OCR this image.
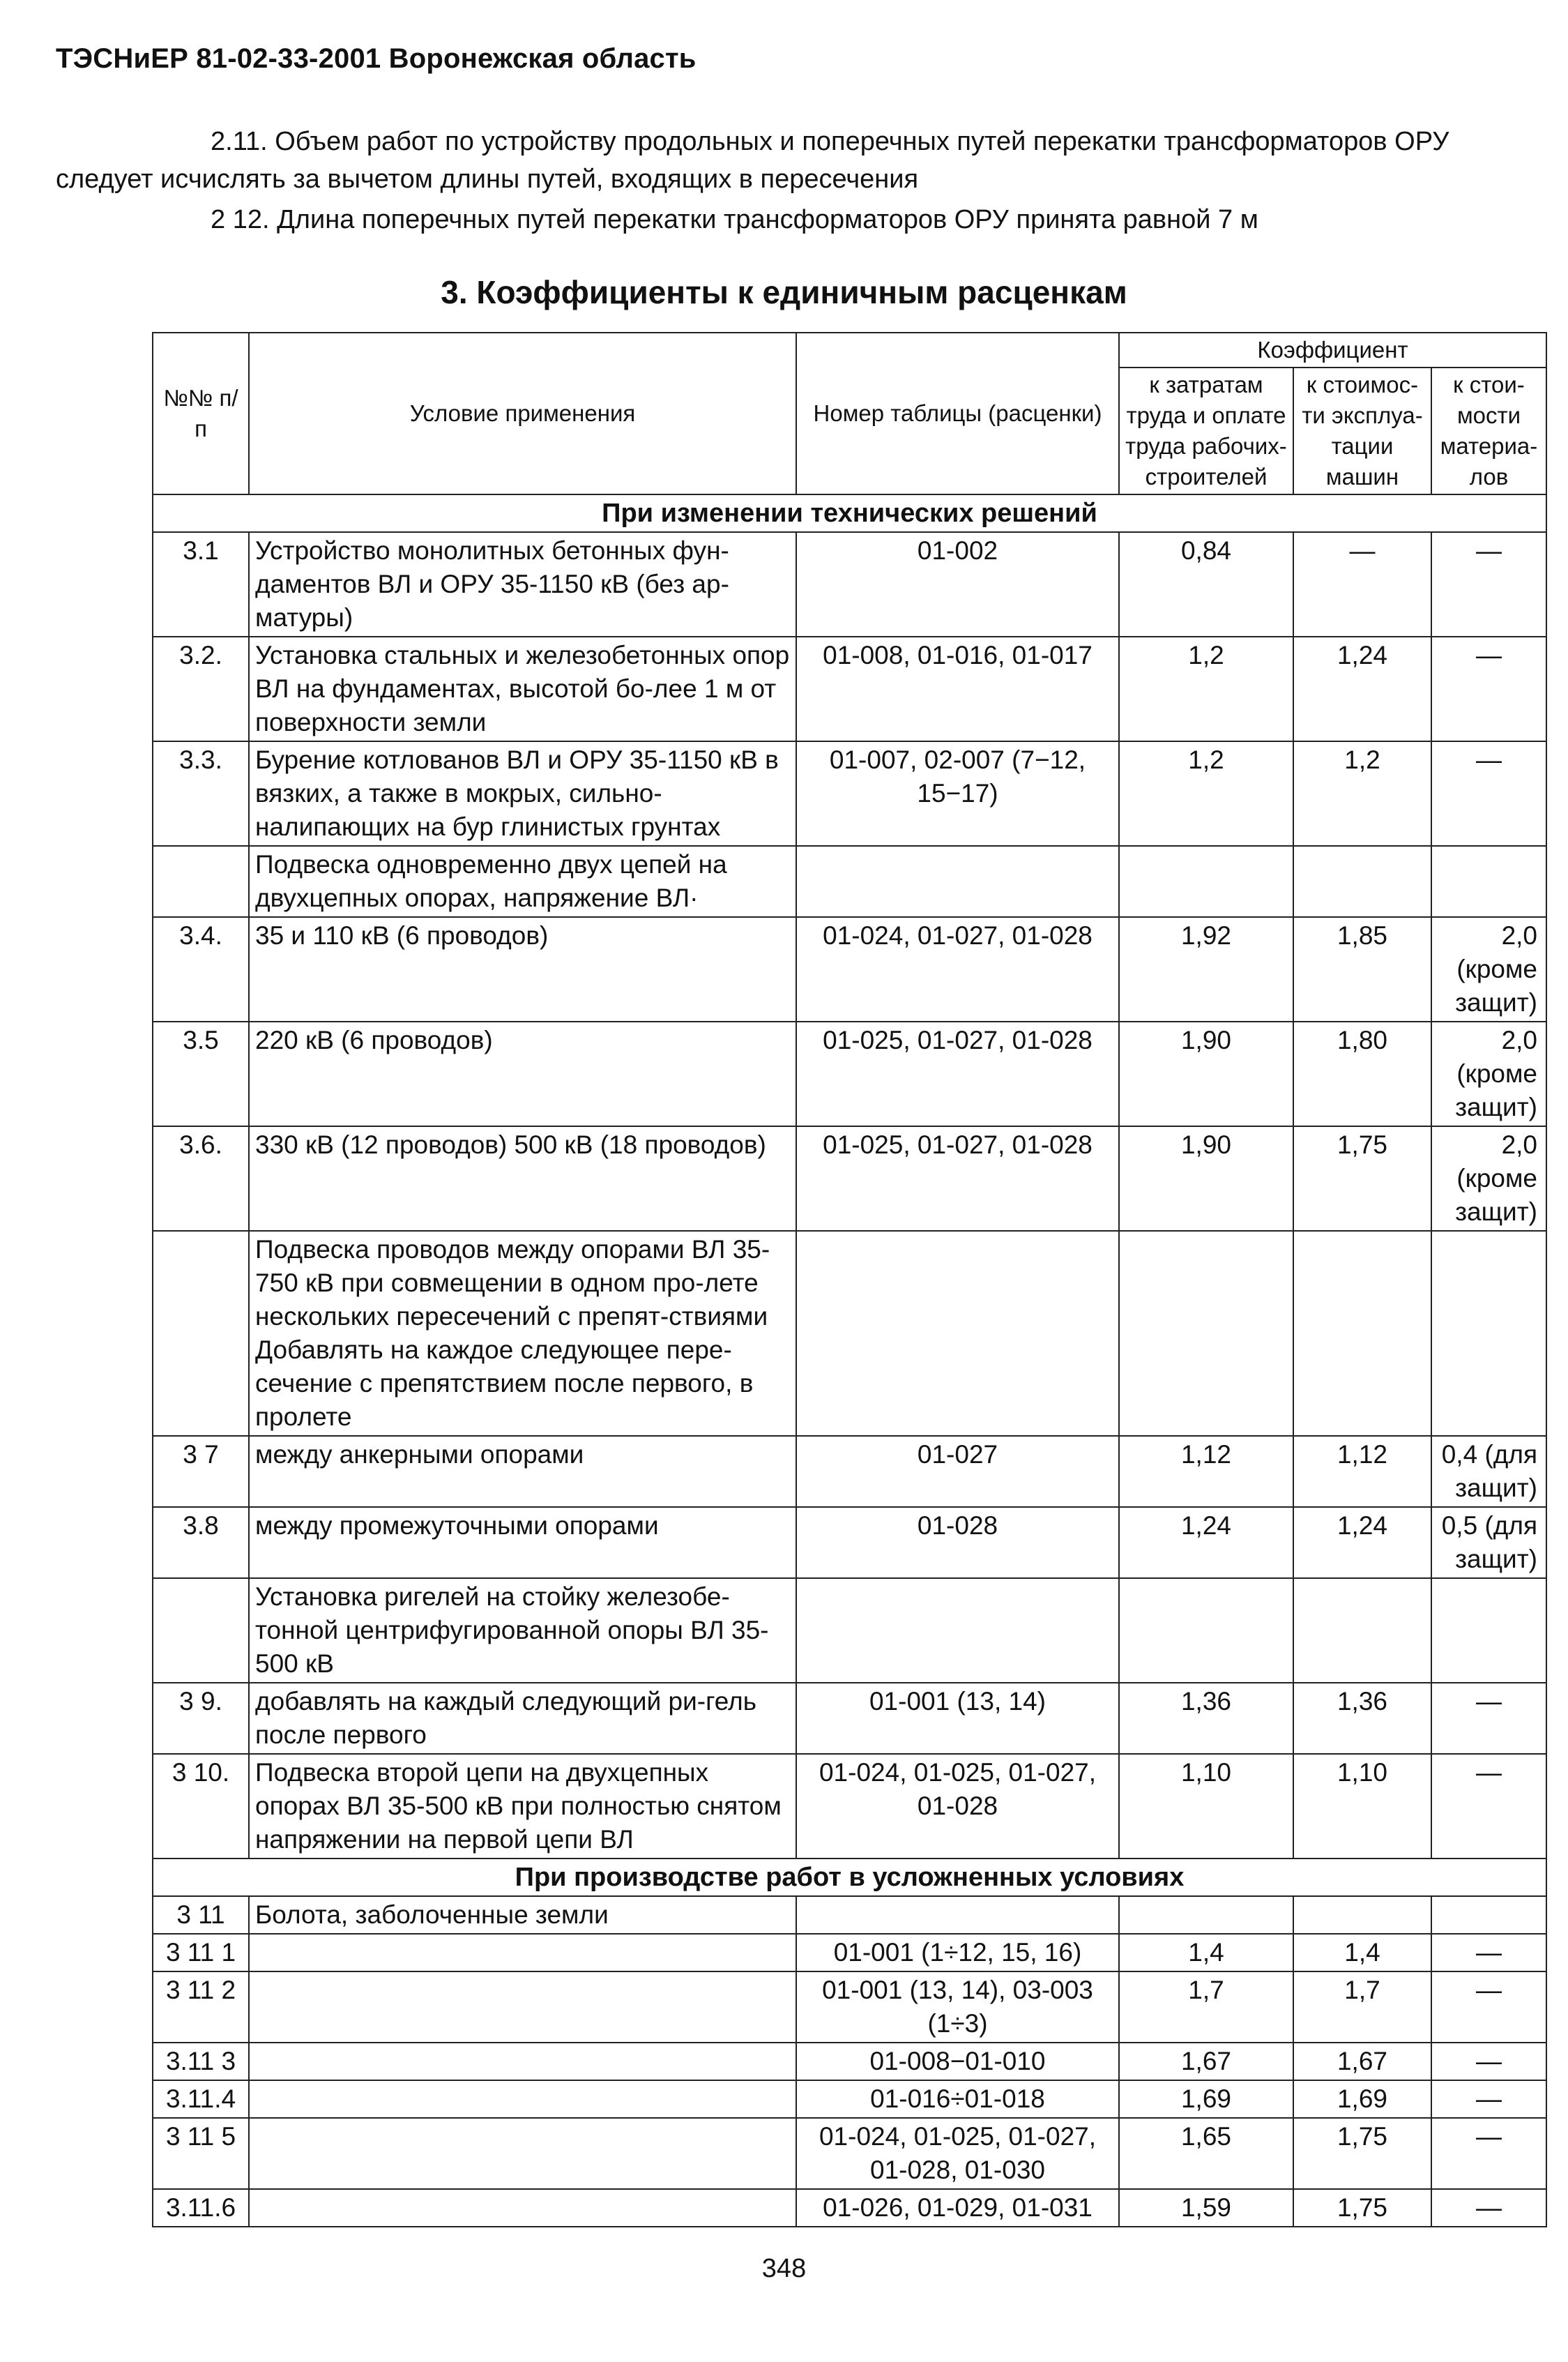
ТЭСНиЕР 81-02-33-2001 Воронежская область
2.11. Объем работ по устройству продольных и поперечных путей перекатки трансформаторов ОРУ следует исчислять за вычетом длины путей, входящих в пересечения
2 12. Длина поперечных путей перекатки трансформаторов ОРУ принята равной 7 м
3. Коэффициенты к единичным расценкам
№№ п/п	Условие применения	Номер таблицы (расценки)	Коэффициент		
			к затратам труда и оплате труда рабочих-строителей	к стоимос-ти эксплуа-тации машин	к стои-мости материа-лов
При изменении технических решений					
3.1	Устройство монолитных бетонных фун-даментов ВЛ и ОРУ 35-1150 кВ (без ар-матуры)	01-002	0,84	—	—
3.2.	Установка стальных и железобетонных опор ВЛ на фундаментах, высотой бо-лее 1 м от поверхности земли	01-008, 01-016, 01-017	1,2	1,24	—
3.3.	Бурение котлованов ВЛ и ОРУ 35-1150 кВ в вязких, а также в мокрых, сильно-налипающих на бур глинистых грунтах	01-007, 02-007 (7−12, 15−17)	1,2	1,2	—
	Подвеска одновременно двух цепей на двухцепных опорах, напряжение ВЛ·				
3.4.	35 и 110 кВ (6 проводов)	01-024, 01-027, 01-028	1,92	1,85	2,0 (кроме защит)
3.5	220 кВ (6 проводов)	01-025, 01-027, 01-028	1,90	1,80	2,0 (кроме защит)
3.6.	330 кВ (12 проводов) 500 кВ (18 проводов)	01-025, 01-027, 01-028	1,90	1,75	2,0 (кроме защит)
	Подвеска проводов между опорами ВЛ 35-750 кВ при совмещении в одном про-лете нескольких пересечений с препят-ствиями Добавлять на каждое следующее пере-сечение с препятствием после первого, в пролете				
3 7	между анкерными опорами	01-027	1,12	1,12	0,4 (для защит)
3.8	между промежуточными опорами	01-028	1,24	1,24	0,5 (для защит)
	Установка ригелей на стойку железобе-тонной центрифугированной опоры ВЛ 35-500 кВ				
3 9.	добавлять на каждый следующий ри-гель после первого	01-001 (13, 14)	1,36	1,36	—
3 10.	Подвеска второй цепи на двухцепных опорах ВЛ 35-500 кВ при полностью снятом напряжении на первой цепи ВЛ	01-024, 01-025, 01-027, 01-028	1,10	1,10	—
При производстве работ в усложненных условиях					
3 11	Болота, заболоченные земли				
3 11 1		01-001 (1÷12, 15, 16)	1,4	1,4	—
3 11 2		01-001 (13, 14), 03-003 (1÷3)	1,7	1,7	—
3.11 3		01-008−01-010	1,67	1,67	—
3.11.4		01-016÷01-018	1,69	1,69	—
3 11 5		01-024, 01-025, 01-027, 01-028, 01-030	1,65	1,75	—
3.11.6		01-026, 01-029, 01-031	1,59	1,75	—
348
